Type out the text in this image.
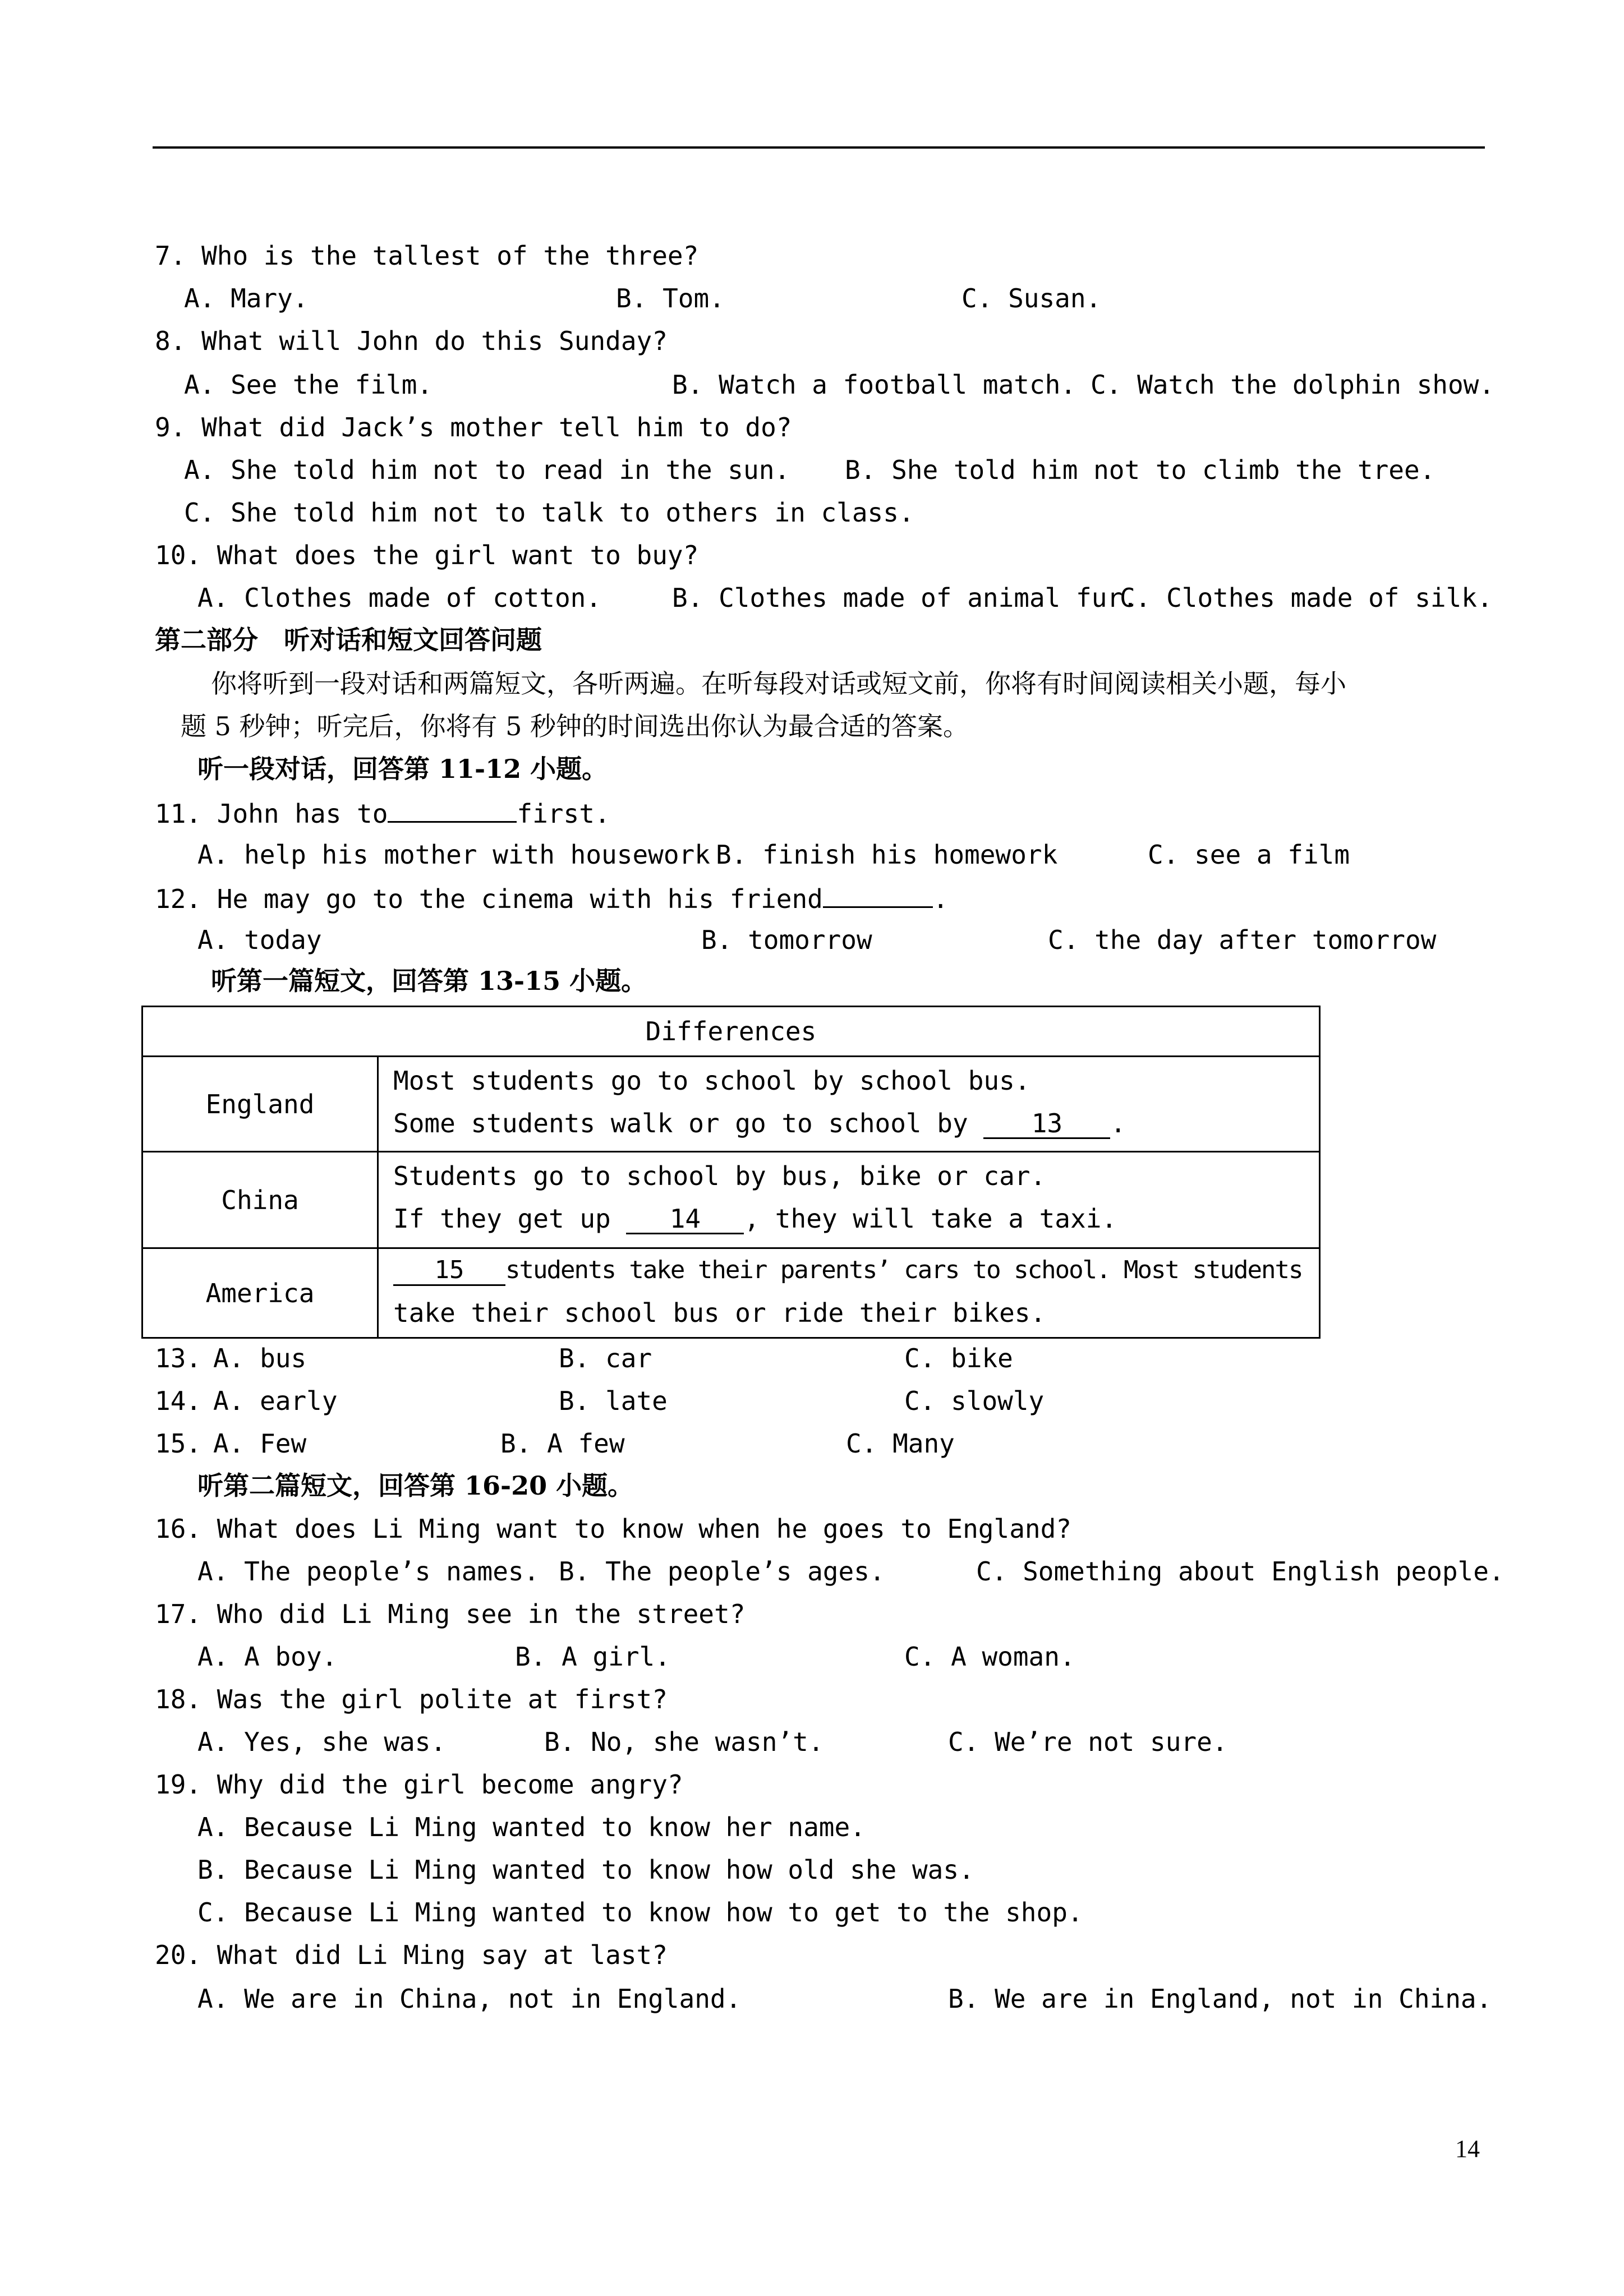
7. Who is the tallest of the three?
A. Mary.	B. Tom.	C. Susan.
8. What will John do this Sunday?
A. See the film.	B. Watch a football match. C. Watch the dolphin show.
9. What did Jack’s mother tell him to do?
A. She told him not to read in the sun. B. She told him not to climb the tree.
C. She told him not to talk to others in class.
10. What does the girl want to buy?
A. Clothes made of cotton.	B. Clothes made of animal fur.
C. Clothes made of silk.
第二部分　听对话和短文回答问题
你将听到一段对话和两篇短文，各听两遍。在听每段对话或短文前，你将有时间阅读相关小题，每小
题 5 秒钟；听完后，你将有 5 秒钟的时间选出你认为最合适的答案。
听一段对话，回答第 11-12 小题。
11. John has to	first.
A. help his mother with housework B. finish his homework	C. see a film
12. He may go to the cinema with his friend	.
A. today	B. tomorrow	C. the day after tomorrow
听第一篇短文，回答第 13-15 小题。
Differences
England
Most students go to school by school bus.
Some students walk or go to school by 13 .
China
Students go to school by bus, bike or car.
If they get up 14 , they will take a taxi.
America
15 students take their parents’ cars to school. Most students
take their school bus or ride their bikes.
13. A. bus	B. car	C. bike
14. A. early	B. late	C. slowly
15. A. Few	B. A few	C. Many
听第二篇短文，回答第 16-20 小题。
16. What does Li Ming want to know when he goes to England?
A. The people’s names. B. The people’s ages.	C. Something about English people.
17. Who did Li Ming see in the street?
A. A boy.	B. A girl.	C. A woman.
18. Was the girl polite at first?
A. Yes, she was.	B. No, she wasn’t.	C. We’re not sure.
19. Why did the girl become angry?
A. Because Li Ming wanted to know her name.
B. Because Li Ming wanted to know how old she was.
C. Because Li Ming wanted to know how to get to the shop.
20. What did Li Ming say at last?
A. We are in China, not in England.	B. We are in England, not in China.
14
